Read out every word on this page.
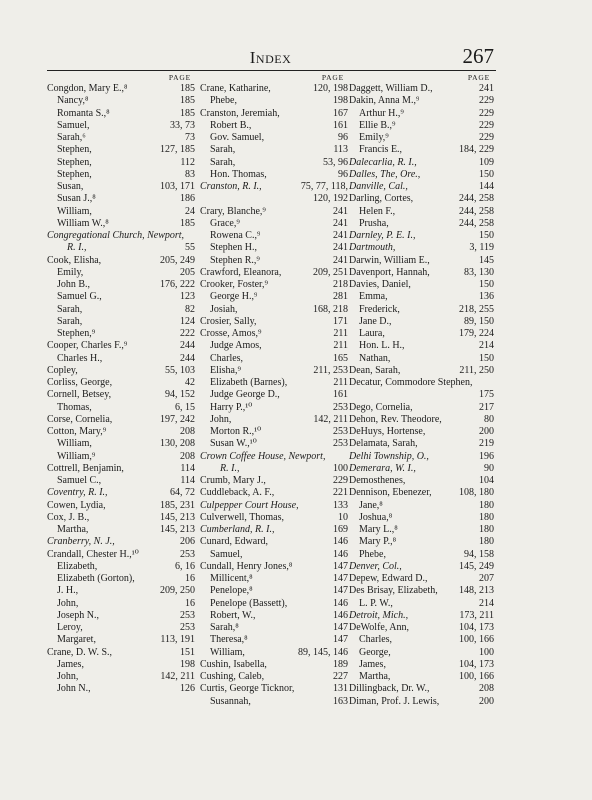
Index	267
PAGE
Congdon, Mary E.,⁸	185
Nancy,⁸	185
Romanta S.,⁸	185
Samuel,	33, 73
Sarah,⁶	73
Stephen,	127, 185
Stephen,	112
Stephen,	83
Susan,	103, 171
Susan J.,⁸	186
William,	24
William W.,⁸	185
Congregational Church, Newport,
R. I.,	55
Cook, Elisha,	205, 249
Emily,	205
John B.,	176, 222
Samuel G.,	123
Sarah,	82
Sarah,	124
Stephen,⁹	222
Cooper, Charles F.,⁹	244
Charles H.,	244
Copley,	55, 103
Corliss, George,	42
Cornell, Betsey,	94, 152
Thomas,	6, 15
Corse, Cornelia,	197, 242
Cotton, Mary,⁹	208
William,	130, 208
William,⁹	208
Cottrell, Benjamin,	114
Samuel C.,	114
Coventry, R. I.,	64, 72
Cowen, Lydia,	185, 231
Cox, J. B.,	145, 213
Martha,	145, 213
Cranberry, N. J.,	206
Crandall, Chester H.,¹⁰	253
Elizabeth,	6, 16
Elizabeth (Gorton),	16
J. H.,	209, 250
John,	16
Joseph N.,	253
Leroy,	253
Margaret,	113, 191
Crane, D. W. S.,	151
James,	198
John,	142, 211
John N.,	126
PAGE
Crane, Katharine,	120, 198
Phebe,	198
Cranston, Jeremiah,	167
Robert B.,	161
Gov. Samuel,	96
Sarah,	113
Sarah,	53, 96
Hon. Thomas,	96
Cranston, R. I.,	75, 77, 118,
120, 192
Crary, Blanche,⁹	241
Grace,⁹	241
Rowena C.,⁹	241
Stephen H.,	241
Stephen R.,⁹	241
Crawford, Eleanora,	209, 251
Crooker, Foster,⁹	218
George H.,⁹	281
Josiah,	168, 218
Crosier, Sally,	171
Crosse, Amos,⁹	211
Judge Amos,	211
Charles,	165
Elisha,⁹	211, 253
Elizabeth (Barnes),	211
Judge George D.,	161
Harry P.,¹⁰	253
John,	142, 211
Morton R.,¹⁰	253
Susan W.,¹⁰	253
Crown Coffee House, Newport,
R. I.,	100
Crumb, Mary J.,	229
Cuddleback, A. F.,	221
Culpepper Court House,	133
Culverwell, Thomas,	10
Cumberland, R. I.,	169
Cunard, Edward,	146
Samuel,	146
Cundall, Henry Jones,⁸	147
Millicent,⁸	147
Penelope,⁸	147
Penelope (Bassett),	146
Robert, W.,	146
Sarah,⁸	147
Theresa,⁸	147
William,	89, 145, 146
Cushin, Isabella,	189
Cushing, Caleb,	227
Curtis, George Ticknor,	131
Susannah,	163
PAGE
Daggett, William D.,	241
Dakin, Anna M.,⁹	229
Arthur H.,⁹	229
Ellie B.,⁹	229
Emily,⁹	229
Francis E.,	184, 229
Dalecarlia, R. I.,	109
Dalles, The, Ore.,	150
Danville, Cal.,	144
Darling, Cortes,	244, 258
Helen F.,	244, 258
Prusha,	244, 258
Darnley, P. E. I.,	150
Dartmouth,	3, 119
Darwin, William E.,	145
Davenport, Hannah,	83, 130
Davies, Daniel,	150
Emma,	136
Frederick,	218, 255
Jane D.,	89, 150
Laura,	179, 224
Hon. L. H.,	214
Nathan,	150
Dean, Sarah,	211, 250
Decatur, Commodore Stephen,
175
Dego, Cornelia,	217
Dehon, Rev. Theodore,	80
DeHuys, Hortense,	200
Delamata, Sarah,	219
Delhi Township, O.,	196
Demerara, W. I.,	90
Demosthenes,	104
Dennison, Ebenezer,	108, 180
Jane,⁸	180
Joshua,⁸	180
Mary L.,⁸	180
Mary P.,⁸	180
Phebe,	94, 158
Denver, Col.,	145, 249
Depew, Edward D.,	207
Des Brisay, Elizabeth,	148, 213
L. P. W.,	214
Detroit, Mich.,	173, 211
DeWolfe, Ann,	104, 173
Charles,	100, 166
George,	100
James,	104, 173
Martha,	100, 166
Dillingback, Dr. W.,	208
Diman, Prof. J. Lewis,	200
